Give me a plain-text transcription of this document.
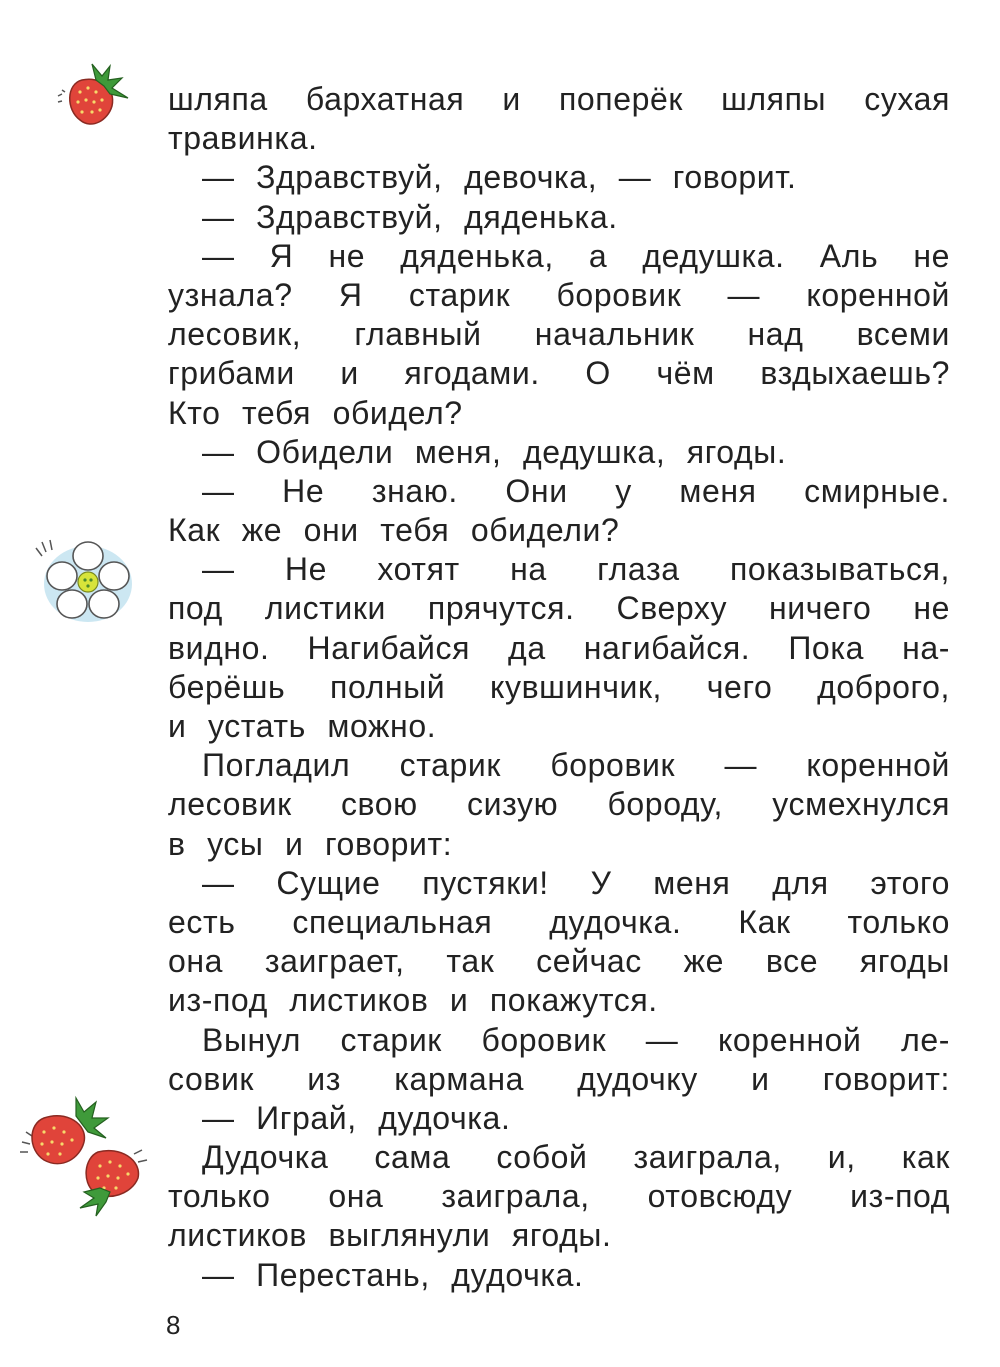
шляпа бархатная и поперёк шляпы сухая
травинка.
— Здравствуй, девочка, — говорит.
— Здравствуй, дяденька.
— Я не дяденька, а дедушка. Аль не
узнала? Я старик боровик — коренной
лесовик, главный начальник над всеми
грибами и ягодами. О чём вздыхаешь?
Кто тебя обидел?
— Обидели меня, дедушка, ягоды.
— Не знаю. Они у меня смирные.
Как же они тебя обидели?
— Не хотят на глаза показываться,
под листики прячутся. Сверху ничего не
видно. Нагибайся да нагибайся. Пока на-
берёшь полный кувшинчик, чего доброго,
и устать можно.
Погладил старик боровик — коренной
лесовик свою сизую бороду, усмехнулся
в усы и говорит:
— Сущие пустяки! У меня для этого
есть специальная дудочка. Как только
она заиграет, так сейчас же все ягоды
из-под листиков и покажутся.
Вынул старик боровик — коренной ле-
совик из кармана дудочку и говорит:
— Играй, дудочка.
Дудочка сама собой заиграла, и, как
только она заиграла, отовсюду из-под
листиков выглянули ягоды.
— Перестань, дудочка.
8
